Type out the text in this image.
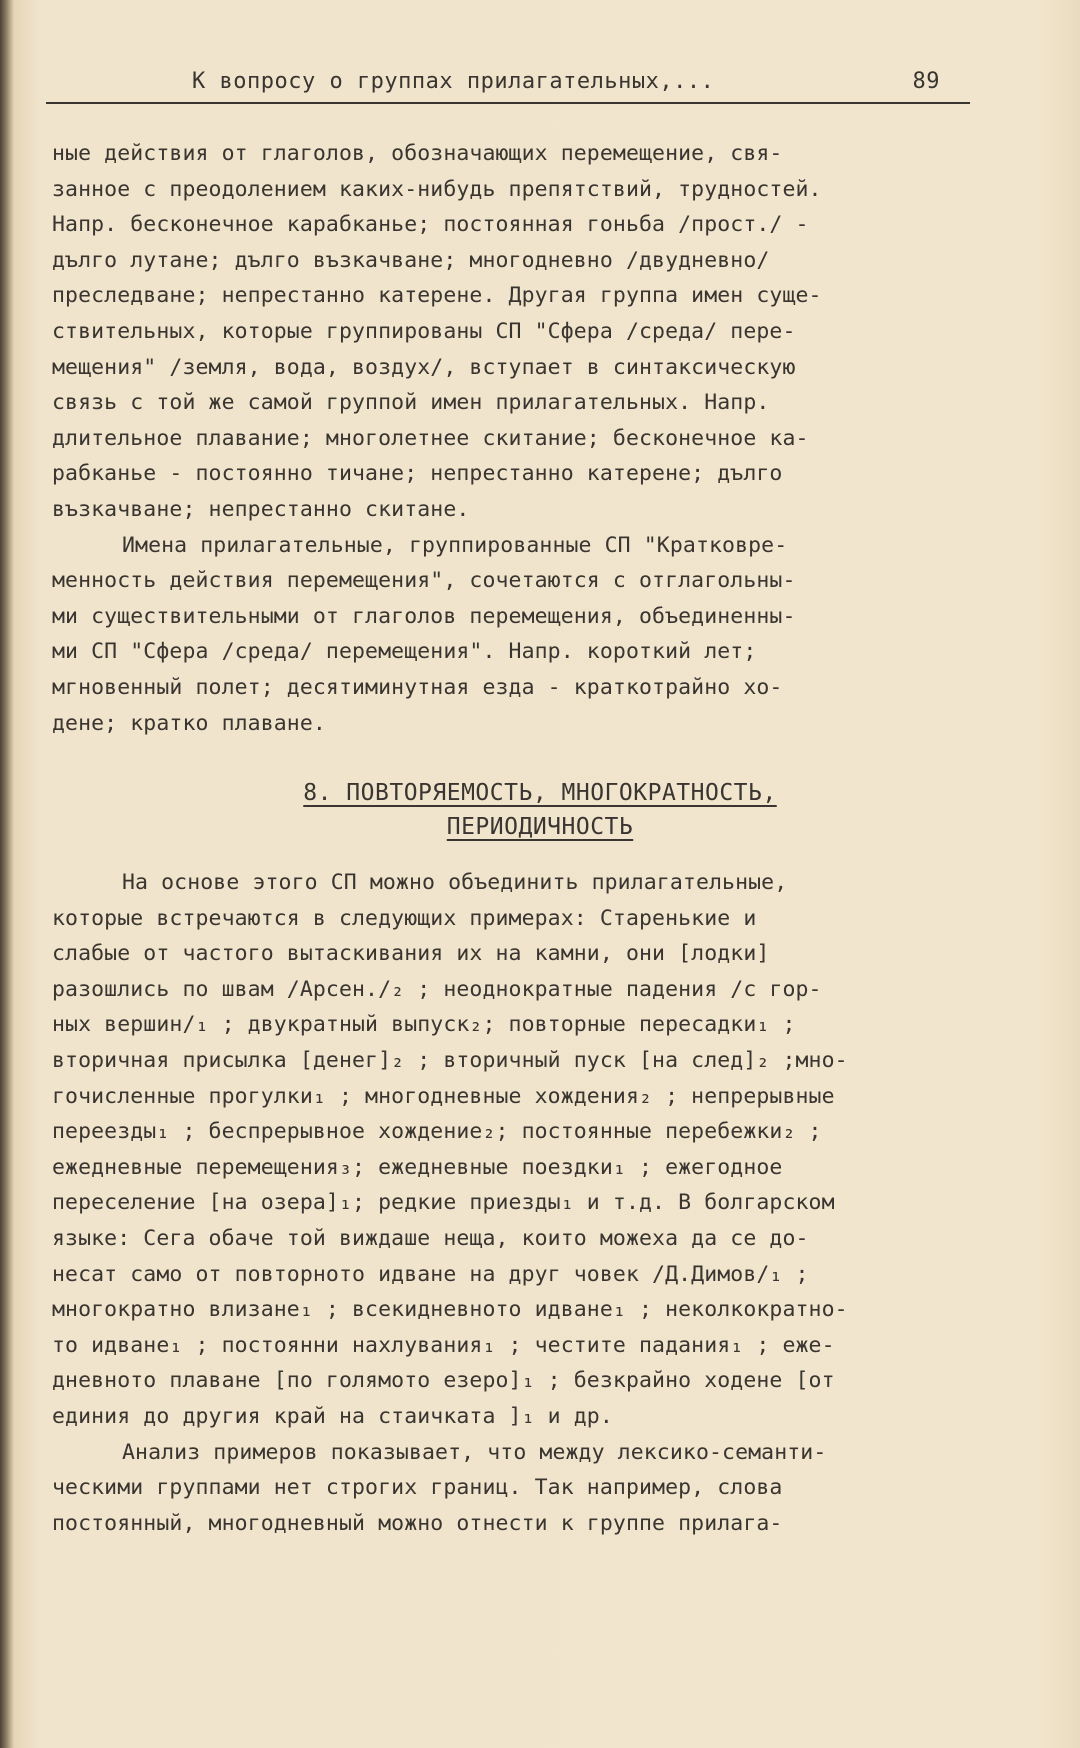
К вопросу о группах прилагательных,...	89
ные действия от глаголов, обозначающих перемещение, свя-
занное с преодолением каких-нибудь препятствий, трудностей.
Напр. бесконечное карабканье; постоянная гоньба /прост./ -
дълго лутане; дълго възкачване; многодневно /двудневно/
преследване; непрестанно катерене. Другая группа имен суще-
ствительных, которые группированы СП "Сфера /среда/ пере-
мещения" /земля, вода, воздух/, вступает в синтаксическую
связь с той же самой группой имен прилагательных. Напр.
длительное плавание; многолетнее скитание; бесконечное ка-
рабканье - постоянно тичане; непрестанно катерене; дълго
възкачване; непрестанно скитане.
Имена прилагательные, группированные СП "Кратковре-
менность действия перемещения", сочетаются с отглагольны-
ми существительными от глаголов перемещения, объединенны-
ми СП "Сфера /среда/ перемещения". Напр. короткий лет;
мгновенный полет; десятиминутная езда - краткотрайно хо-
дене; кратко плаване.
8. ПОВТОРЯЕМОСТЬ, МНОГОКРАТНОСТЬ,
ПЕРИОДИЧНОСТЬ
На основе этого СП можно объединить прилагательные,
которые встречаются в следующих примерах: Старенькие и
слабые от частого вытаскивания их на камни, они [лодки]
разошлись по швам /Арсен./₂ ; неоднократные падения /с гор-
ных вершин/₁ ; двукратный выпуск₂; повторные пересадки₁ ;
вторичная присылка [денег]₂ ; вторичный пуск [на след]₂ ;мно-
гочисленные прогулки₁ ; многодневные хождения₂ ; непрерывные
переезды₁ ; беспрерывное хождение₂; постоянные перебежки₂ ;
ежедневные перемещения₃; ежедневные поездки₁ ; ежегодное
переселение [на озера]₁; редкие приезды₁ и т.д. В болгарском
языке: Сега обаче той виждаше неща, които можеха да се до-
несат само от повторното идване на друг човек /Д.Димов/₁ ;
многократно влизане₁ ; всекидневното идване₁ ; неколкократно-
то идване₁ ; постоянни нахлувания₁ ; честите падания₁ ; еже-
дневното плаване [по голямото езеро]₁ ; безкрайно ходене [от
единия до другия край на стаичката ]₁ и др.
Анализ примеров показывает, что между лексико-семанти-
ческими группами нет строгих границ. Так например, слова
постоянный, многодневный можно отнести к группе прилага-
